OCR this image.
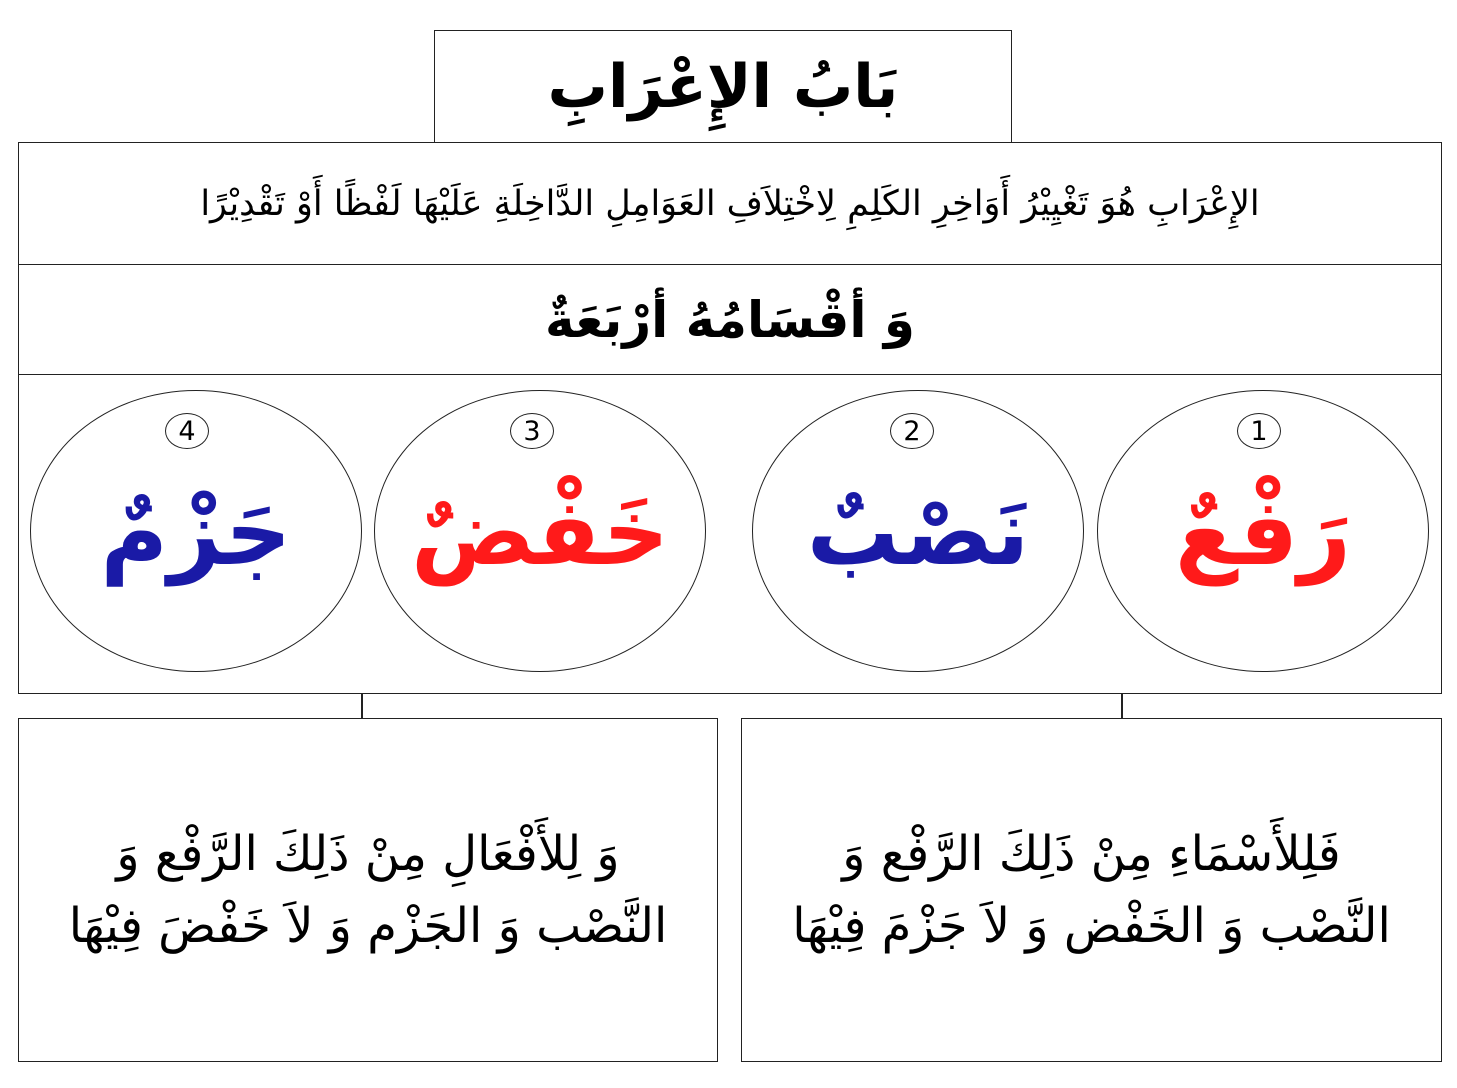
بَابُ الإِعْرَابِ
الإِعْرَابِ هُوَ تَغْيِيْرُ أَوَاخِرِ الكَلِمِ لِاخْتِلاَفِ العَوَامِلِ الدَّاخِلَةِ عَلَيْهَا لَفْظًا أَوْ تَقْدِيْرًا
وَ أقْسَامُهُ أرْبَعَةٌ
1
2
3
4
رَفْعٌ
نَصْبٌ
خَفْضٌ
جَزْمٌ
فَلِلأَسْمَاءِ مِنْ ذَلِكَ الرَّفْع وَ النَّصْب وَ الخَفْض وَ لاَ جَزْمَ فِيْهَا
وَ لِلأَفْعَالِ مِنْ ذَلِكَ الرَّفْع وَ النَّصْب وَ الجَزْم وَ لاَ خَفْضَ فِيْهَا
